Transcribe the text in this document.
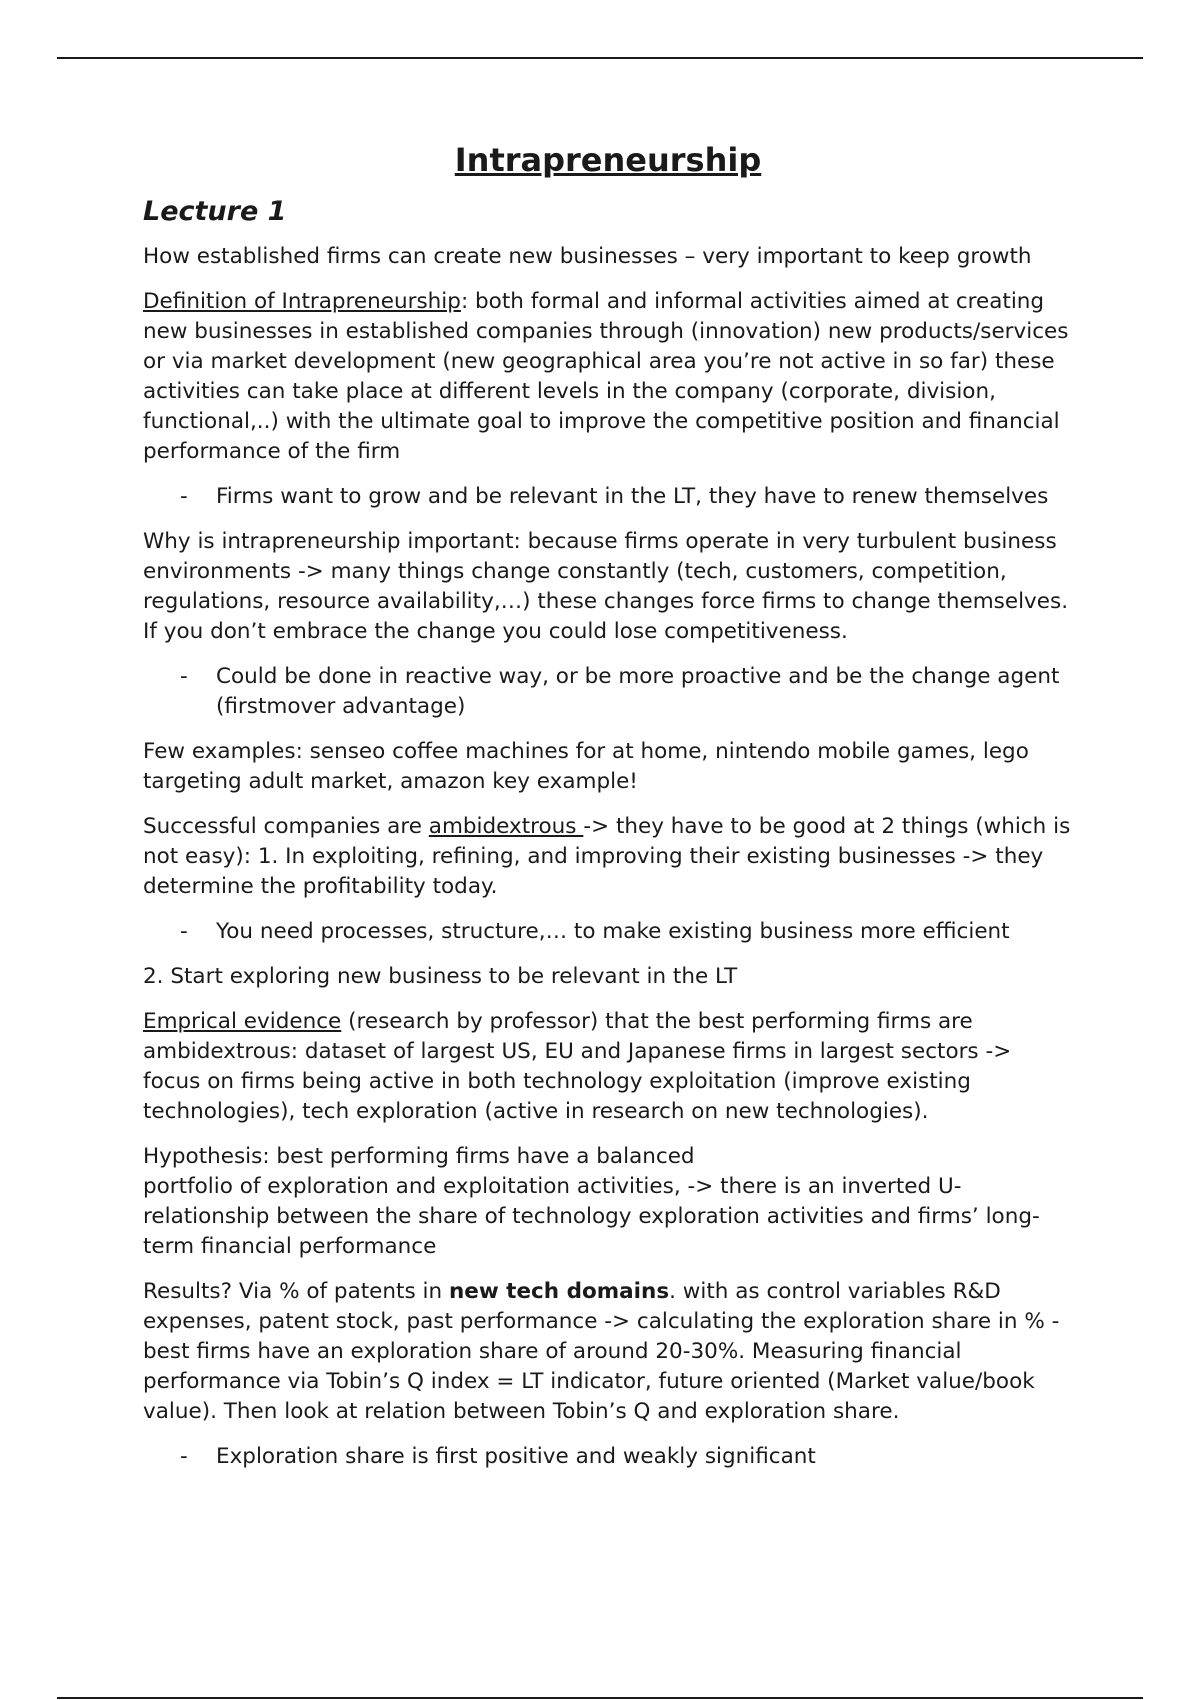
Intrapreneurship
Lecture 1

How established firms can create new businesses – very important to keep growth

Definition of Intrapreneurship: both formal and informal activities aimed at creating new businesses in established companies through (innovation) new products/services or via market development (new geographical area you’re not active in so far) these activities can take place at different levels in the company (corporate, division, functional,..) with the ultimate goal to improve the competitive position and financial performance of the firm

- Firms want to grow and be relevant in the LT, they have to renew themselves

Why is intrapreneurship important: because firms operate in very turbulent business environments -> many things change constantly (tech, customers, competition, regulations, resource availability,…) these changes force firms to change themselves. If you don’t embrace the change you could lose competitiveness.

- Could be done in reactive way, or be more proactive and be the change agent (firstmover advantage)

Few examples: senseo coffee machines for at home, nintendo mobile games, lego targeting adult market, amazon key example!

Successful companies are ambidextrous -> they have to be good at 2 things (which is not easy): 1. In exploiting, refining, and improving their existing businesses -> they determine the profitability today.

- You need processes, structure,… to make existing business more efficient

2. Start exploring new business to be relevant in the LT

Emprical evidence (research by professor) that the best performing firms are ambidextrous: dataset of largest US, EU and Japanese firms in largest sectors -> focus on firms being active in both technology exploitation (improve existing technologies), tech exploration (active in research on new technologies).

Hypothesis: best performing firms have a balanced
portfolio of exploration and exploitation activities, -> there is an inverted U-relationship between the share of technology exploration activities and firms’ long-term financial performance

Results? Via % of patents in new tech domains. with as control variables R&D expenses, patent stock, past performance -> calculating the exploration share in % - best firms have an exploration share of around 20-30%. Measuring financial performance via Tobin’s Q index = LT indicator, future oriented (Market value/book value). Then look at relation between Tobin’s Q and exploration share.

- Exploration share is first positive and weakly significant
